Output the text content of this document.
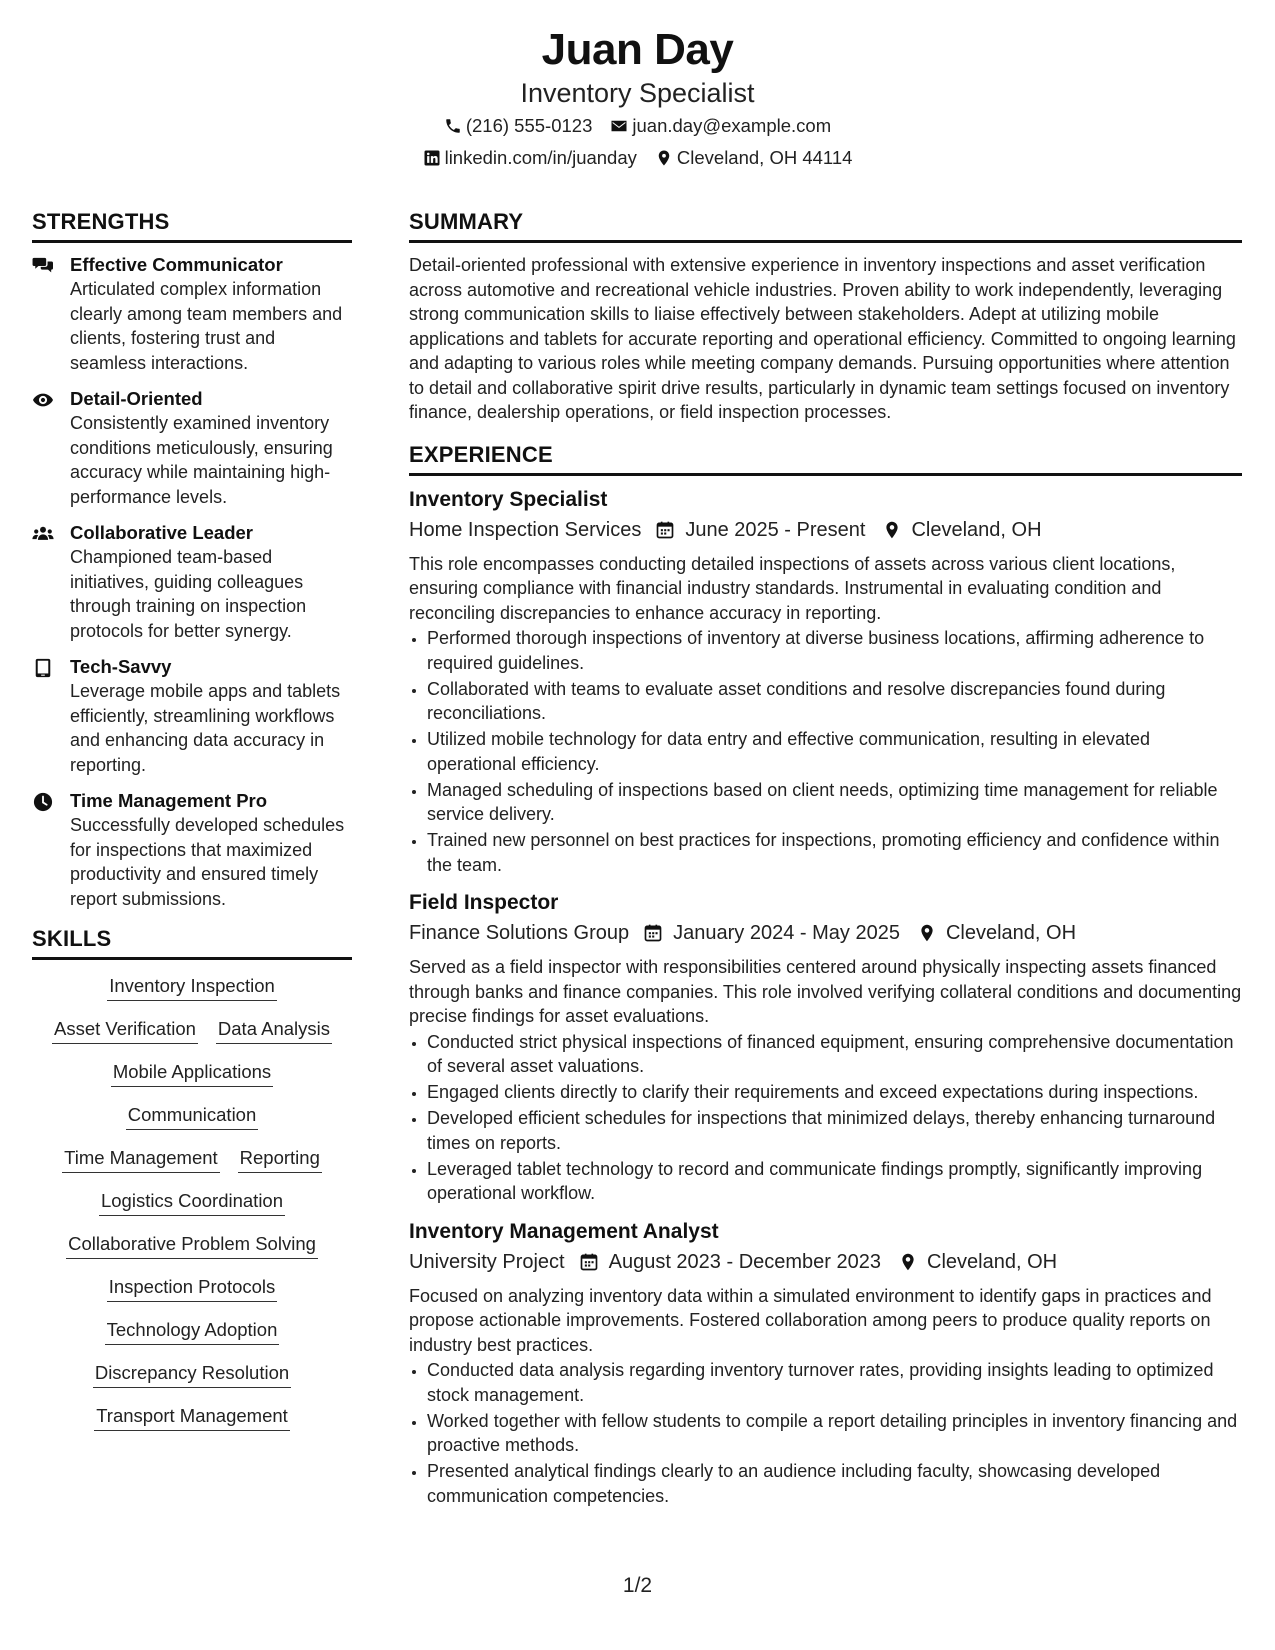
Juan Day
Inventory Specialist
(216) 555-0123 juan.day@example.com
linkedin.com/in/juanday Cleveland, OH 44114
STRENGTHS
Effective Communicator
Articulated complex information clearly among team members and clients, fostering trust and seamless interactions.
Detail-Oriented
Consistently examined inventory conditions meticulously, ensuring accuracy while maintaining high-performance levels.
Collaborative Leader
Championed team-based initiatives, guiding colleagues through training on inspection protocols for better synergy.
Tech-Savvy
Leverage mobile apps and tablets efficiently, streamlining workflows and enhancing data accuracy in reporting.
Time Management Pro
Successfully developed schedules for inspections that maximized productivity and ensured timely report submissions.
SKILLS
Inventory Inspection
Asset Verification Data Analysis
Mobile Applications
Communication
Time Management Reporting
Logistics Coordination
Collaborative Problem Solving
Inspection Protocols
Technology Adoption
Discrepancy Resolution
Transport Management
SUMMARY
Detail-oriented professional with extensive experience in inventory inspections and asset verification across automotive and recreational vehicle industries. Proven ability to work independently, leveraging strong communication skills to liaise effectively between stakeholders. Adept at utilizing mobile applications and tablets for accurate reporting and operational efficiency. Committed to ongoing learning and adapting to various roles while meeting company demands. Pursuing opportunities where attention to detail and collaborative spirit drive results, particularly in dynamic team settings focused on inventory finance, dealership operations, or field inspection processes.
EXPERIENCE
Inventory Specialist
Home Inspection Services June 2025 - Present Cleveland, OH
This role encompasses conducting detailed inspections of assets across various client locations, ensuring compliance with financial industry standards. Instrumental in evaluating condition and reconciling discrepancies to enhance accuracy in reporting.
• Performed thorough inspections of inventory at diverse business locations, affirming adherence to required guidelines.
• Collaborated with teams to evaluate asset conditions and resolve discrepancies found during reconciliations.
• Utilized mobile technology for data entry and effective communication, resulting in elevated operational efficiency.
• Managed scheduling of inspections based on client needs, optimizing time management for reliable service delivery.
• Trained new personnel on best practices for inspections, promoting efficiency and confidence within the team.
Field Inspector
Finance Solutions Group January 2024 - May 2025 Cleveland, OH
Served as a field inspector with responsibilities centered around physically inspecting assets financed through banks and finance companies. This role involved verifying collateral conditions and documenting precise findings for asset evaluations.
• Conducted strict physical inspections of financed equipment, ensuring comprehensive documentation of several asset valuations.
• Engaged clients directly to clarify their requirements and exceed expectations during inspections.
• Developed efficient schedules for inspections that minimized delays, thereby enhancing turnaround times on reports.
• Leveraged tablet technology to record and communicate findings promptly, significantly improving operational workflow.
Inventory Management Analyst
University Project August 2023 - December 2023 Cleveland, OH
Focused on analyzing inventory data within a simulated environment to identify gaps in practices and propose actionable improvements. Fostered collaboration among peers to produce quality reports on industry best practices.
• Conducted data analysis regarding inventory turnover rates, providing insights leading to optimized stock management.
• Worked together with fellow students to compile a report detailing principles in inventory financing and proactive methods.
• Presented analytical findings clearly to an audience including faculty, showcasing developed communication competencies.
1/2
